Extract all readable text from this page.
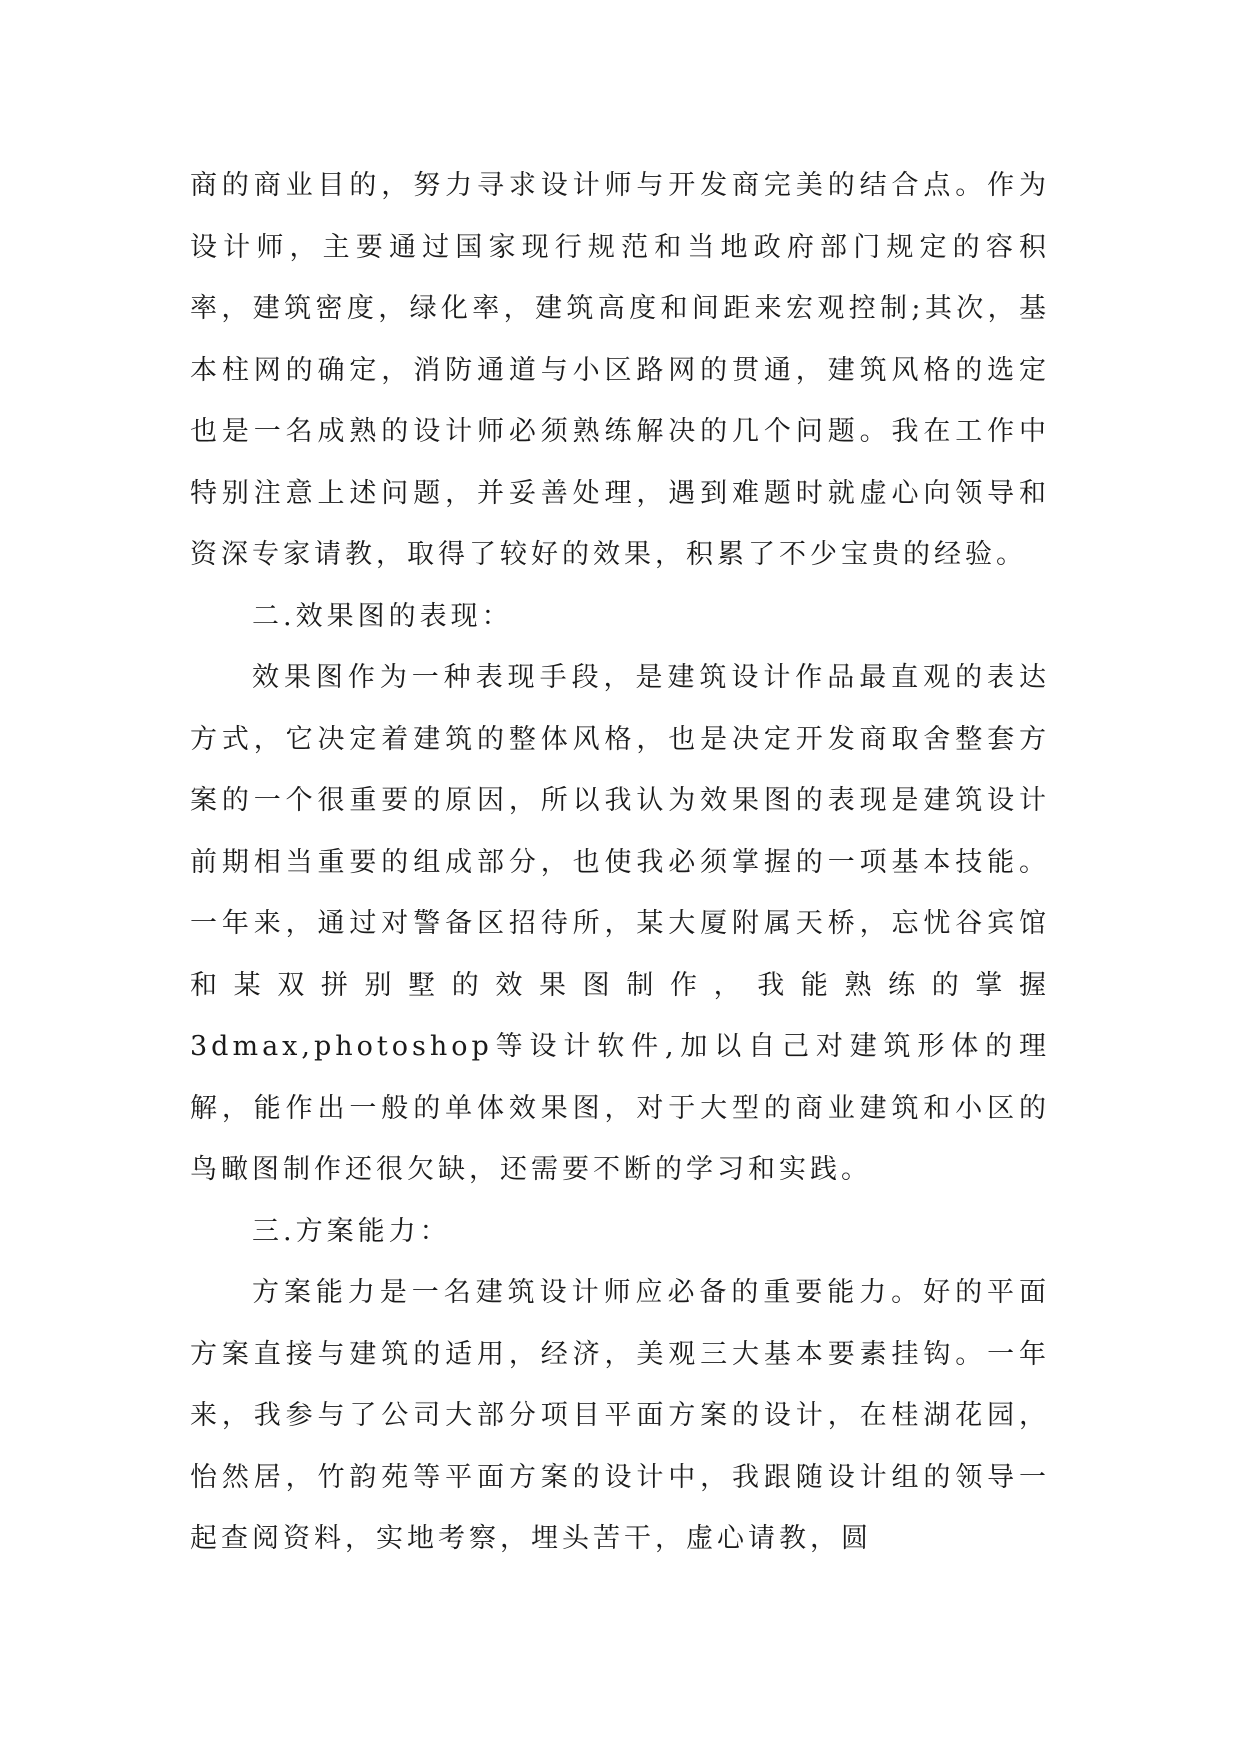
商的商业目的，努力寻求设计师与开发商完美的结合点。作为设计师，主要通过国家现行规范和当地政府部门规定的容积率，建筑密度，绿化率，建筑高度和间距来宏观控制;其次，基本柱网的确定，消防通道与小区路网的贯通，建筑风格的选定也是一名成熟的设计师必须熟练解决的几个问题。我在工作中特别注意上述问题，并妥善处理，遇到难题时就虚心向领导和资深专家请教，取得了较好的效果，积累了不少宝贵的经验。

二.效果图的表现：

效果图作为一种表现手段，是建筑设计作品最直观的表达方式，它决定着建筑的整体风格，也是决定开发商取舍整套方案的一个很重要的原因，所以我认为效果图的表现是建筑设计前期相当重要的组成部分，也使我必须掌握的一项基本技能。一年来，通过对警备区招待所，某大厦附属天桥，忘忧谷宾馆和某双拼别墅的效果图制作，我能熟练的掌握3dmax,photoshop等设计软件,加以自己对建筑形体的理解，能作出一般的单体效果图，对于大型的商业建筑和小区的鸟瞰图制作还很欠缺，还需要不断的学习和实践。

三.方案能力：

方案能力是一名建筑设计师应必备的重要能力。好的平面方案直接与建筑的适用，经济，美观三大基本要素挂钩。一年来，我参与了公司大部分项目平面方案的设计，在桂湖花园，怡然居，竹韵苑等平面方案的设计中，我跟随设计组的领导一起查阅资料，实地考察，埋头苦干，虚心请教，圆
